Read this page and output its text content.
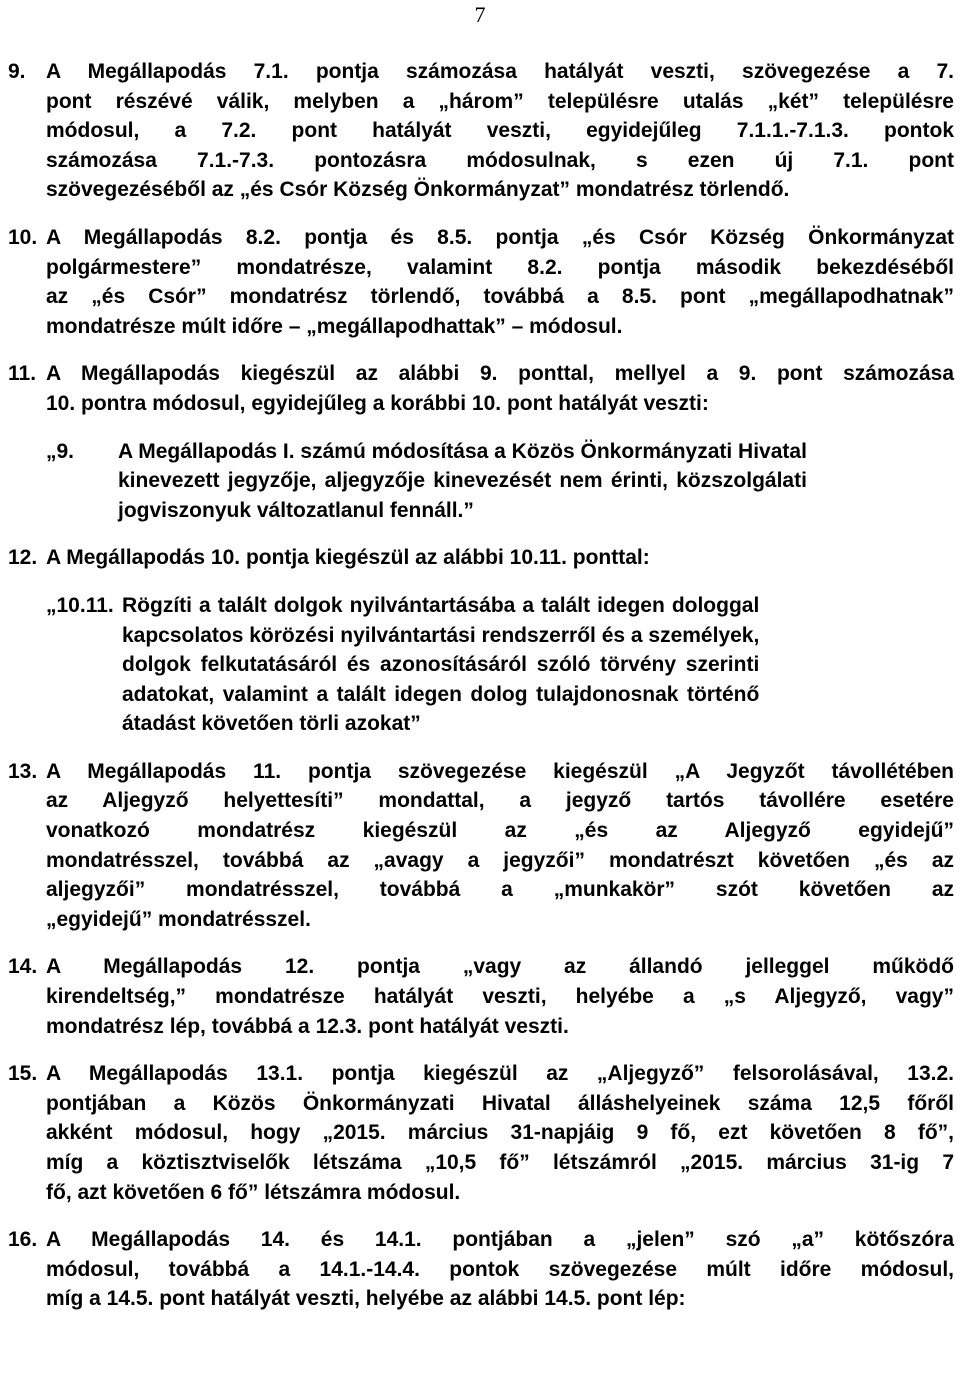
7
9. A Megállapodás 7.1. pontja számozása hatályát veszti, szövegezése a 7.
pont részévé válik, melyben a „három” településre utalás „két” településre
módosul, a 7.2. pont hatályát veszti, egyidejűleg 7.1.1.-7.1.3. pontok
számozása 7.1.-7.3. pontozásra módosulnak, s ezen új 7.1. pont
szövegezéséből az „és Csór Község Önkormányzat” mondatrész törlendő.
10. A Megállapodás 8.2. pontja és 8.5. pontja „és Csór Község Önkormányzat
polgármestere” mondatrésze, valamint 8.2. pontja második bekezdéséből
az „és Csór” mondatrész törlendő, továbbá a 8.5. pont „megállapodhatnak”
mondatrésze múlt időre – „megállapodhattak” – módosul.
11. A Megállapodás kiegészül az alábbi 9. ponttal, mellyel a 9. pont számozása
10. pontra módosul, egyidejűleg a korábbi 10. pont hatályát veszti:
„9.	A Megállapodás I. számú módosítása a Közös Önkormányzati Hivatal
kinevezett jegyzője, aljegyzője kinevezését nem érinti, közszolgálati
jogviszonyuk változatlanul fennáll.”
12. A Megállapodás 10. pontja kiegészül az alábbi 10.11. ponttal:
„10.11. Rögzíti a talált dolgok nyilvántartásába a talált idegen dologgal
kapcsolatos körözési nyilvántartási rendszerről és a személyek,
dolgok felkutatásáról és azonosításáról szóló törvény szerinti
adatokat, valamint a talált idegen dolog tulajdonosnak történő
átadást követően törli azokat”
13. A Megállapodás 11. pontja szövegezése kiegészül „A Jegyzőt távollétében
az Aljegyző helyettesíti” mondattal, a jegyző tartós távollére esetére
vonatkozó mondatrész kiegészül az „és az Aljegyző egyidejű”
mondatrésszel, továbbá az „avagy a jegyzői” mondatrészt követően „és az
aljegyzői” mondatrésszel, továbbá a „munkakör” szót követően az
„egyidejű” mondatrésszel.
14. A Megállapodás 12. pontja „vagy az állandó jelleggel működő
kirendeltség,” mondatrésze hatályát veszti, helyébe a „s Aljegyző, vagy”
mondatrész lép, továbbá a 12.3. pont hatályát veszti.
15. A Megállapodás 13.1. pontja kiegészül az „Aljegyző” felsorolásával, 13.2.
pontjában a Közös Önkormányzati Hivatal álláshelyeinek száma 12,5 főről
akként módosul, hogy „2015. március 31-napjáig 9 fő, ezt követően 8 fő”,
míg a köztisztviselők létszáma „10,5 fő” létszámról „2015. március 31-ig 7
fő, azt követően 6 fő” létszámra módosul.
16. A Megállapodás 14. és 14.1. pontjában a „jelen” szó „a” kötőszóra
módosul, továbbá a 14.1.-14.4. pontok szövegezése múlt időre módosul,
míg a 14.5. pont hatályát veszti, helyébe az alábbi 14.5. pont lép:
